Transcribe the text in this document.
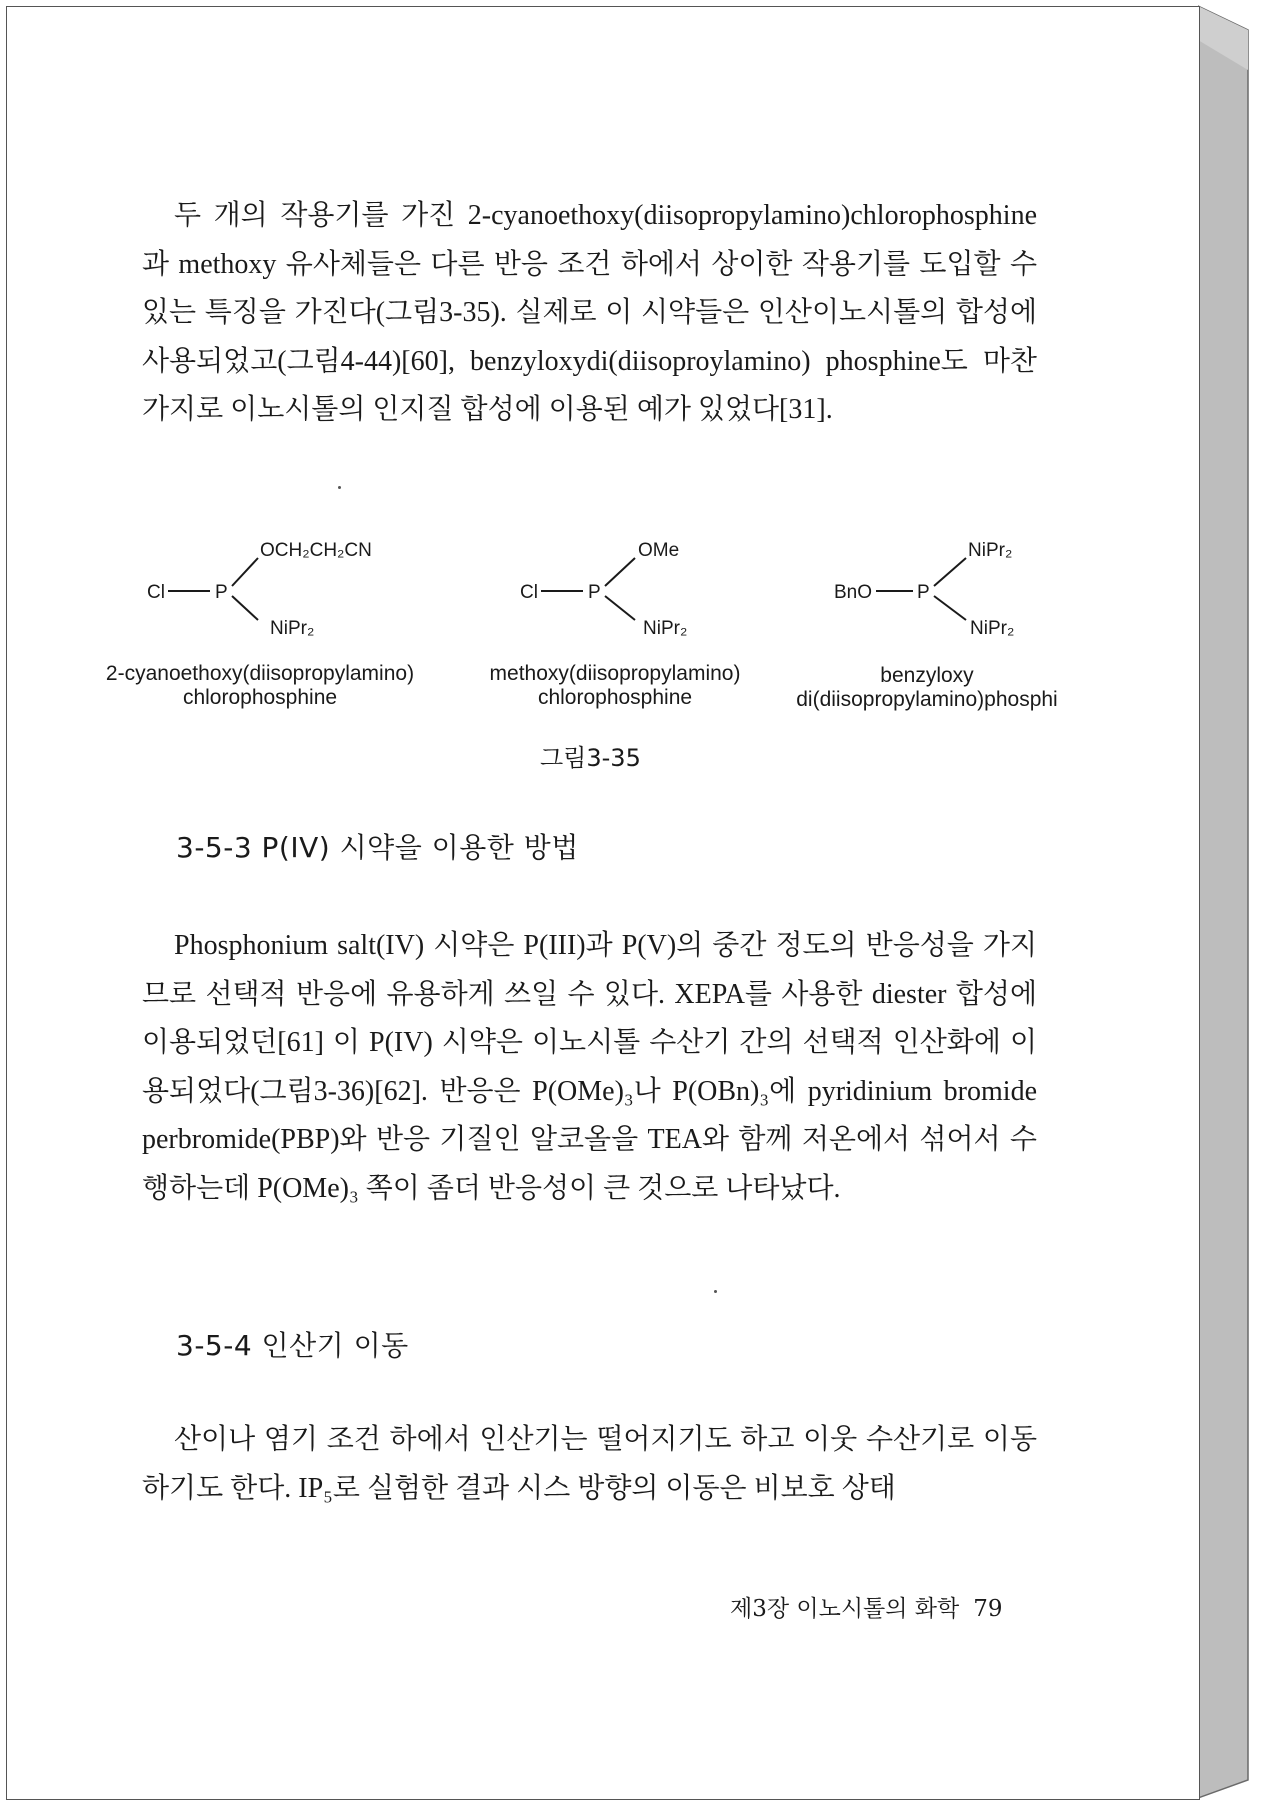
두 개의 작용기를 가진 2-cyanoethoxy(diisopropylamino)chlorophosphine과 methoxy 유사체들은 다른 반응 조건 하에서 상이한 작용기를 도입할 수 있는 특징을 가진다(그림3-35). 실제로 이 시약들은 인산이노시톨의 합성에 사용되었고(그림4-44)[60], benzyloxydi(diisoproylamino) phosphine도 마찬가지로 이노시톨의 인지질 합성에 이용된 예가 있었다[31].

Cl	P
OCH₂CH₂CN
NiPr₂
Cl	P
OMe
NiPr₂
BnO P
NiPr₂
NiPr₂
2-cyanoethoxy(diisopropylamino)
chlorophosphine
methoxy(diisopropylamino)
chlorophosphine
benzyloxy
di(diisopropylamino)phosphi
그림3-35
3-5-3 P(IV) 시약을 이용한 방법

Phosphonium salt(IV) 시약은 P(III)과 P(V)의 중간 정도의 반응성을 가지므로 선택적 반응에 유용하게 쓰일 수 있다. XEPA를 사용한 diester 합성에 이용되었던[61] 이 P(IV) 시약은 이노시톨 수산기 간의 선택적 인산화에 이용되었다(그림3-36)[62]. 반응은 P(OMe)₃나 P(OBn)₃에 pyridinium bromide perbromide(PBP)와 반응 기질인 알코올을 TEA와 함께 저온에서 섞어서 수행하는데 P(OMe)₃ 쪽이 좀더 반응성이 큰 것으로 나타났다.

3-5-4 인산기 이동

산이나 염기 조건 하에서 인산기는 떨어지기도 하고 이웃 수산기로 이동하기도 한다. IP₅로 실험한 결과 시스 방향의 이동은 비보호 상태

제3장 이노시톨의 화학 79
